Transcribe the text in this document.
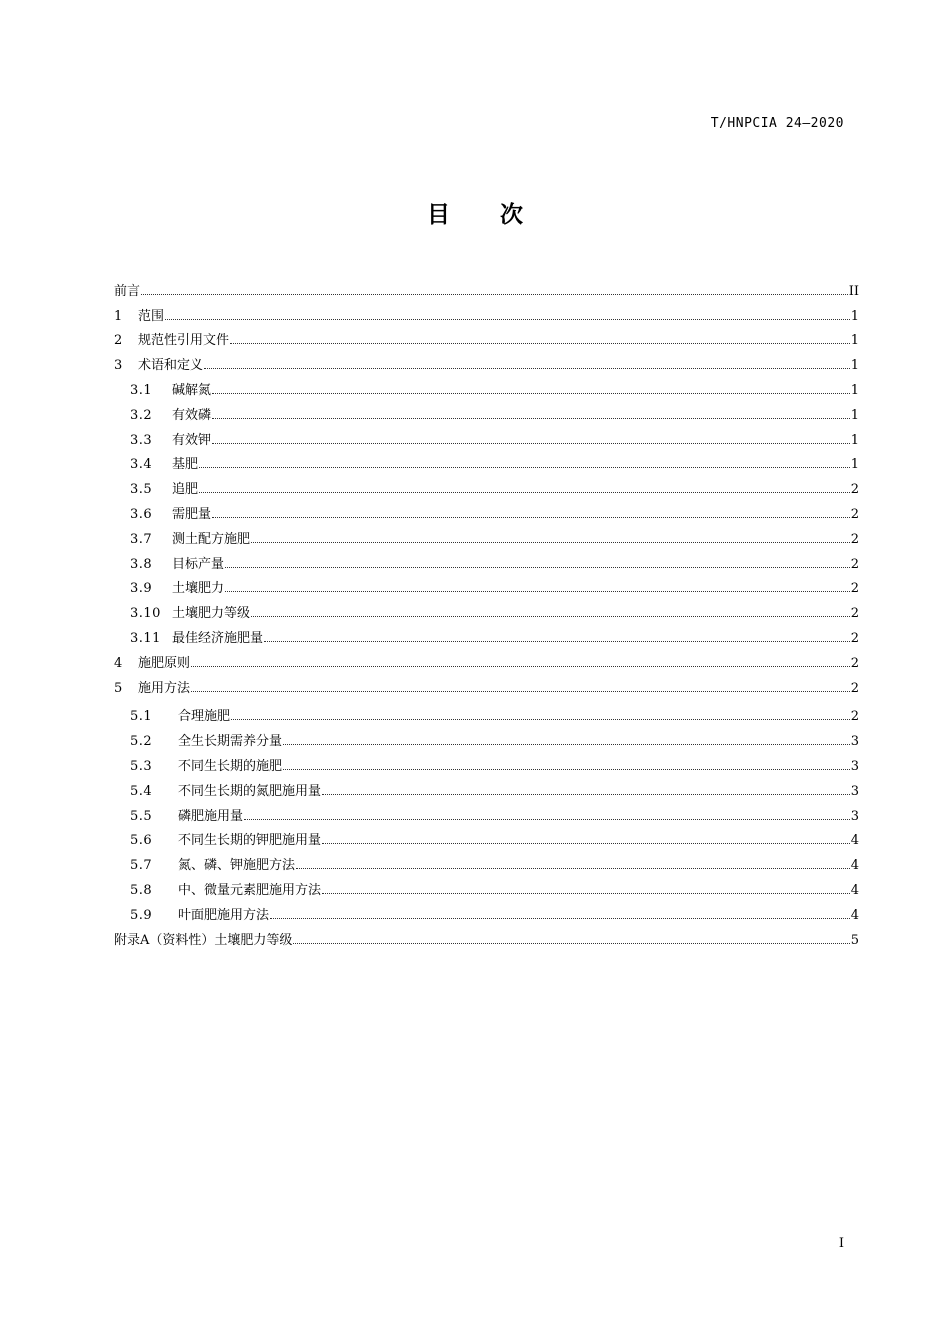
T/HNPCIA 24—2020
目 次
前言	II
1	范围	1
2	规范性引用文件	1
3	术语和定义	1
3.1	碱解氮	1
3.2	有效磷	1
3.3	有效钾	1
3.4	基肥	1
3.5	追肥	2
3.6	需肥量	2
3.7	测土配方施肥	2
3.8	目标产量	2
3.9	土壤肥力	2
3.10 土壤肥力等级	2
3.11 最佳经济施肥量	2
4	施肥原则	2
5	施用方法	2
5.1	合理施肥	2
5.2	全生长期需养分量	3
5.3	不同生长期的施肥	3
5.4	不同生长期的氮肥施用量	3
5.5	磷肥施用量	3
5.6	不同生长期的钾肥施用量	4
5.7	氮、磷、钾施肥方法	4
5.8	中、微量元素肥施用方法	4
5.9	叶面肥施用方法	4
附录A（资料性）土壤肥力等级	5
I
